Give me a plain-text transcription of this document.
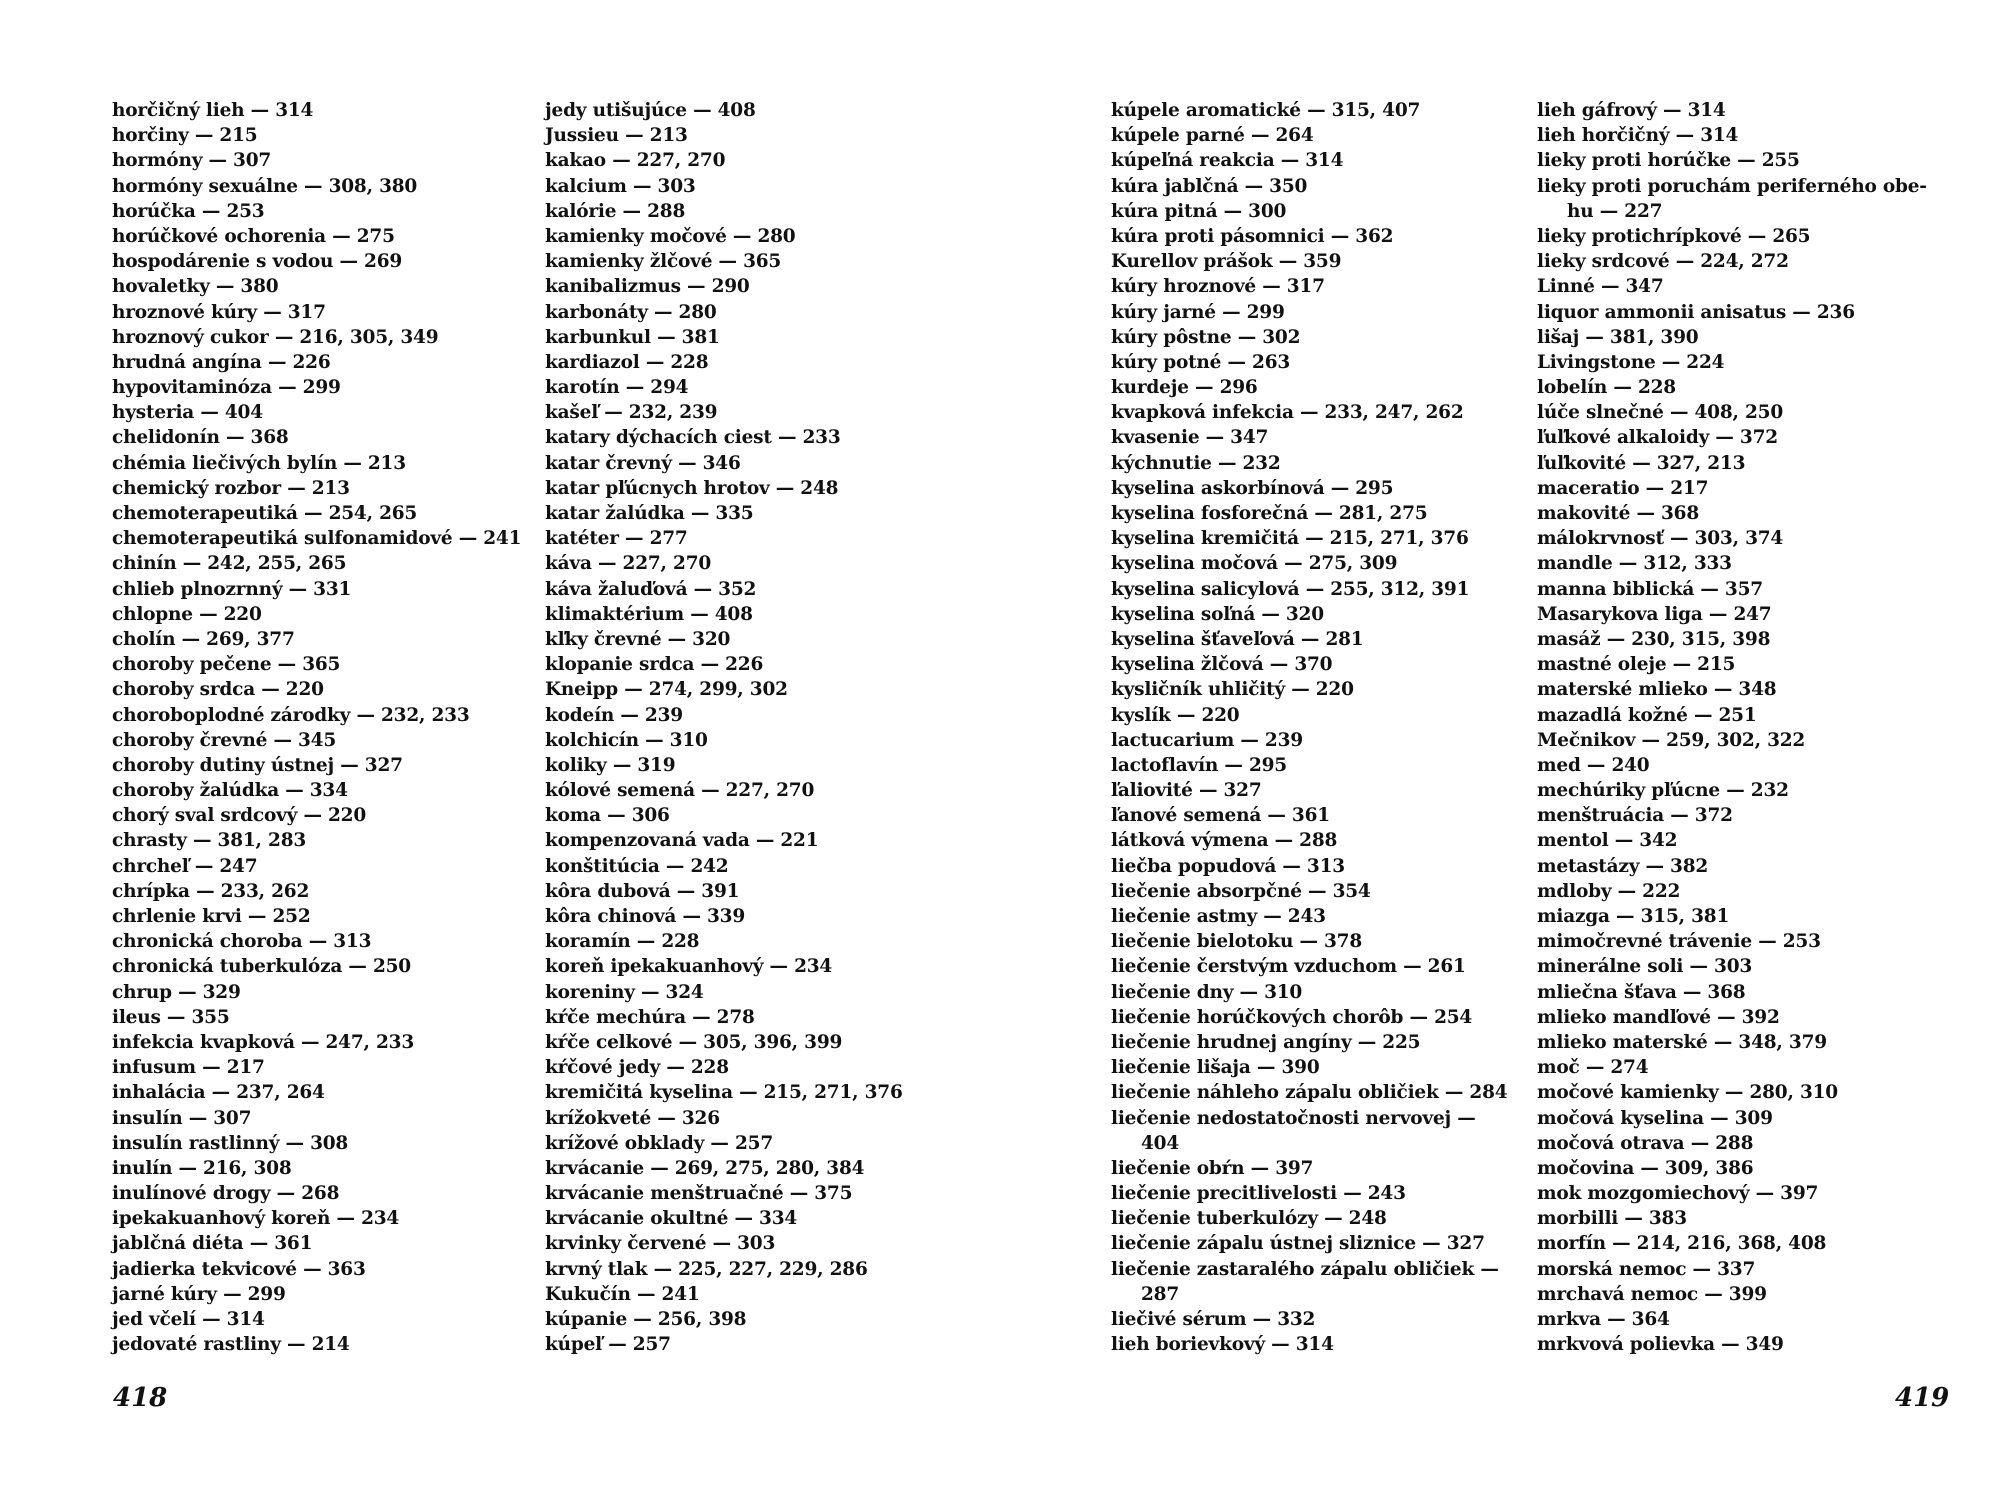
horčičný lieh — 314
horčiny — 215
hormóny — 307
hormóny sexuálne — 308, 380
horúčka — 253
horúčkové ochorenia — 275
hospodárenie s vodou — 269
hovaletky — 380
hroznové kúry — 317
hroznový cukor — 216, 305, 349
hrudná angína — 226
hypovitaminóza — 299
hysteria — 404
chelidonín — 368
chémia liečivých bylín — 213
chemický rozbor — 213
chemoterapeutiká — 254, 265
chemoterapeutiká sulfonamidové — 241
chinín — 242, 255, 265
chlieb plnozrnný — 331
chlopne — 220
cholín — 269, 377
choroby pečene — 365
choroby srdca — 220
choroboplodné zárodky — 232, 233
choroby črevné — 345
choroby dutiny ústnej — 327
choroby žalúdka — 334
chorý sval srdcový — 220
chrasty — 381, 283
chrcheľ — 247
chrípka — 233, 262
chrlenie krvi — 252
chronická choroba — 313
chronická tuberkulóza — 250
chrup — 329
ileus — 355
infekcia kvapková — 247, 233
infusum — 217
inhalácia — 237, 264
insulín — 307
insulín rastlinný — 308
inulín — 216, 308
inulínové drogy — 268
ipekakuanhový koreň — 234
jablčná diéta — 361
jadierka tekvicové — 363
jarné kúry — 299
jed včelí — 314
jedovaté rastliny — 214
jedy utišujúce — 408
Jussieu — 213
kakao — 227, 270
kalcium — 303
kalórie — 288
kamienky močové — 280
kamienky žlčové — 365
kanibalizmus — 290
karbonáty — 280
karbunkul — 381
kardiazol — 228
karotín — 294
kašeľ — 232, 239
katary dýchacích ciest — 233
katar črevný — 346
katar pľúcnych hrotov — 248
katar žalúdka — 335
katéter — 277
káva — 227, 270
káva žaluďová — 352
klimaktérium — 408
kľky črevné — 320
klopanie srdca — 226
Kneipp — 274, 299, 302
kodeín — 239
kolchicín — 310
koliky — 319
kólové semená — 227, 270
koma — 306
kompenzovaná vada — 221
konštitúcia — 242
kôra dubová — 391
kôra chinová — 339
koramín — 228
koreň ipekakuanhový — 234
koreniny — 324
kŕče mechúra — 278
kŕče celkové — 305, 396, 399
kŕčové jedy — 228
kremičitá kyselina — 215, 271, 376
krížokveté — 326
krížové obklady — 257
krvácanie — 269, 275, 280, 384
krvácanie menštruačné — 375
krvácanie okultné — 334
krvinky červené — 303
krvný tlak — 225, 227, 229, 286
Kukučín — 241
kúpanie — 256, 398
kúpeľ — 257
kúpele aromatické — 315, 407
kúpele parné — 264
kúpeľná reakcia — 314
kúra jablčná — 350
kúra pitná — 300
kúra proti pásomnici — 362
Kurellov prášok — 359
kúry hroznové — 317
kúry jarné — 299
kúry pôstne — 302
kúry potné — 263
kurdeje — 296
kvapková infekcia — 233, 247, 262
kvasenie — 347
kýchnutie — 232
kyselina askorbínová — 295
kyselina fosforečná — 281, 275
kyselina kremičitá — 215, 271, 376
kyselina močová — 275, 309
kyselina salicylová — 255, 312, 391
kyselina soľná — 320
kyselina šťaveľová — 281
kyselina žlčová — 370
kysličník uhličitý — 220
kyslík — 220
lactucarium — 239
lactoflavín — 295
ľaliovité — 327
ľanové semená — 361
látková výmena — 288
liečba popudová — 313
liečenie absorpčné — 354
liečenie astmy — 243
liečenie bielotoku — 378
liečenie čerstvým vzduchom — 261
liečenie dny — 310
liečenie horúčkových chorôb — 254
liečenie hrudnej angíny — 225
liečenie lišaja — 390
liečenie náhleho zápalu obličiek — 284
liečenie nedostatočnosti nervovej —
404
liečenie obŕn — 397
liečenie precitlivelosti — 243
liečenie tuberkulózy — 248
liečenie zápalu ústnej sliznice — 327
liečenie zastaralého zápalu obličiek —
287
liečivé sérum — 332
lieh borievkový — 314
lieh gáfrový — 314
lieh horčičný — 314
lieky proti horúčke — 255
lieky proti poruchám periferného obe-
hu — 227
lieky protichrípkové — 265
lieky srdcové — 224, 272
Linné — 347
liquor ammonii anisatus — 236
lišaj — 381, 390
Livingstone — 224
lobelín — 228
lúče slnečné — 408, 250
ľuľkové alkaloidy — 372
ľuľkovité — 327, 213
maceratio — 217
makovité — 368
málokrvnosť — 303, 374
mandle — 312, 333
manna biblická — 357
Masarykova liga — 247
masáž — 230, 315, 398
mastné oleje — 215
materské mlieko — 348
mazadlá kožné — 251
Mečnikov — 259, 302, 322
med — 240
mechúriky pľúcne — 232
menštruácia — 372
mentol — 342
metastázy — 382
mdloby — 222
miazga — 315, 381
mimočrevné trávenie — 253
minerálne soli — 303
mliečna šťava — 368
mlieko mandľové — 392
mlieko materské — 348, 379
moč — 274
močové kamienky — 280, 310
močová kyselina — 309
močová otrava — 288
močovina — 309, 386
mok mozgomiechový — 397
morbilli — 383
morfín — 214, 216, 368, 408
morská nemoc — 337
mrchavá nemoc — 399
mrkva — 364
mrkvová polievka — 349
418	419
